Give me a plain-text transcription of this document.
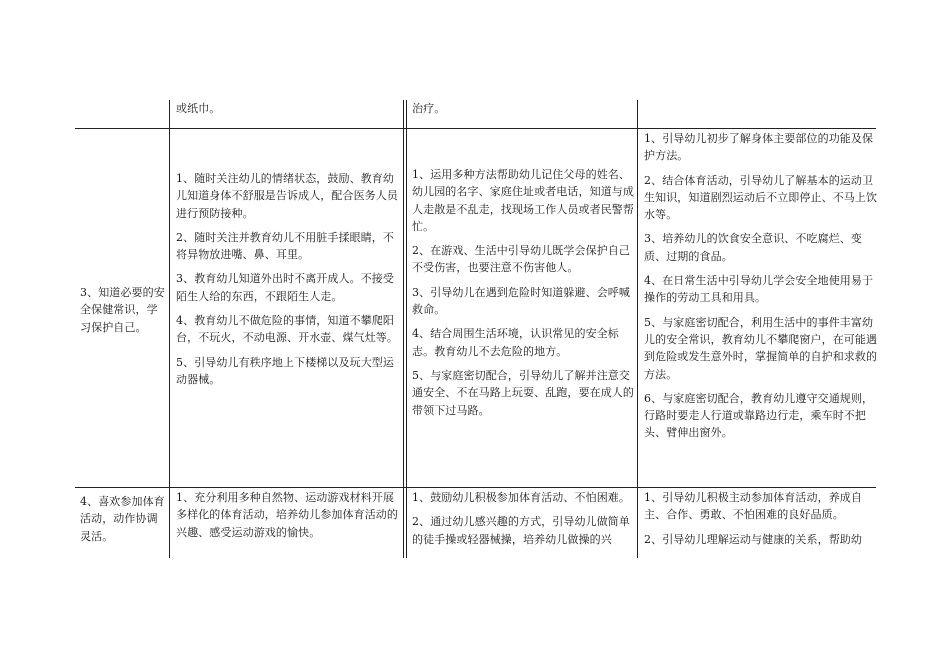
或纸巾。	治疗。

3、知道必要的安全保健常识，学习保护自己。

1、随时关注幼儿的情绪状态，鼓励、教育幼儿知道身体不舒服是告诉成人，配合医务人员进行预防接种。

2、随时关注并教育幼儿不用脏手揉眼睛，不将异物放进嘴、鼻、耳里。

3、教育幼儿知道外出时不离开成人。不接受陌生人给的东西，不跟陌生人走。

4、教育幼儿不做危险的事情，知道不攀爬阳台，不玩火，不动电源、开水壶、煤气灶等。

5、引导幼儿有秩序地上下楼梯以及玩大型运动器械。

1、运用多种方法帮助幼儿记住父母的姓名、幼儿园的名字、家庭住址或者电话，知道与成人走散是不乱走，找现场工作人员或者民警帮忙。

2、在游戏、生活中引导幼儿既学会保护自己不受伤害，也要注意不伤害他人。

3、引导幼儿在遇到危险时知道躲避、会呼喊救命。

4、结合周围生活环境，认识常见的安全标志。教育幼儿不去危险的地方。

5、与家庭密切配合，引导幼儿了解并注意交通安全、不在马路上玩耍、乱跑，要在成人的带领下过马路。

1、引导幼儿初步了解身体主要部位的功能及保护方法。

2、结合体育活动，引导幼儿了解基本的运动卫生知识，知道剧烈运动后不立即停止、不马上饮水等。

3、培养幼儿的饮食安全意识、不吃腐烂、变质、过期的食品。

4、在日常生活中引导幼儿学会安全地使用易于操作的劳动工具和用具。

5、与家庭密切配合，利用生活中的事件丰富幼儿的安全常识，教育幼儿不攀爬窗户，在可能遇到危险或发生意外时，掌握简单的自护和求救的方法。

6、与家庭密切配合，教育幼儿遵守交通规则，行路时要走人行道或靠路边行走，乘车时不把头、臂伸出窗外。

4、喜欢参加体育活动，动作协调灵活。

1、充分利用多种自然物、运动游戏材料开展多样化的体育活动，培养幼儿参加体育活动的兴趣、感受运动游戏的愉快。

1、鼓励幼儿积极参加体育活动、不怕困难。

2、通过幼儿感兴趣的方式，引导幼儿做简单的徒手操或轻器械操，培养幼儿做操的兴

1、引导幼儿积极主动参加体育活动，养成自主、合作、勇敢、不怕困难的良好品质。

2、引导幼儿理解运动与健康的关系，帮助幼
